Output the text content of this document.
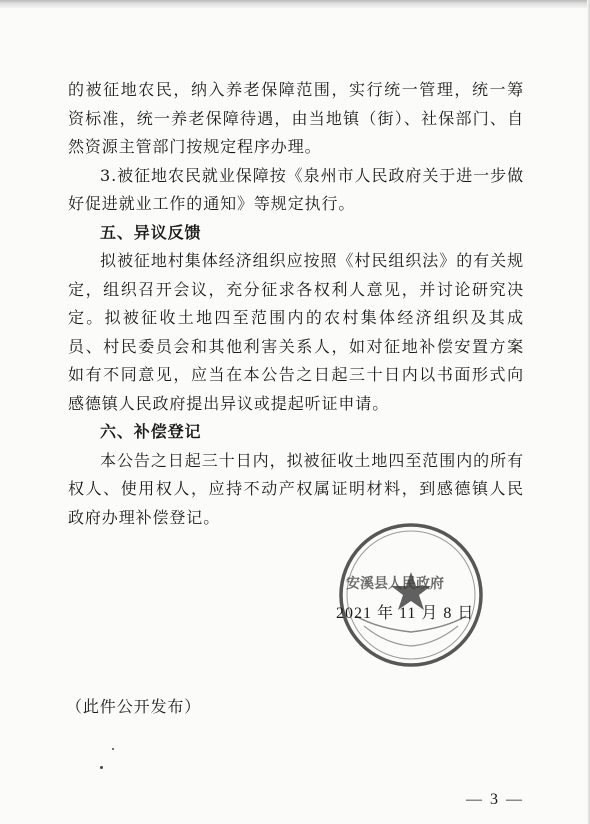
的被征地农民，纳入养老保障范围，实行统一管理，统一筹资标准，统一养老保障待遇，由当地镇（街）、社保部门、自然资源主管部门按规定程序办理。

3.被征地农民就业保障按《泉州市人民政府关于进一步做好促进就业工作的通知》等规定执行。

五、异议反馈

拟被征地村集体经济组织应按照《村民组织法》的有关规定，组织召开会议，充分征求各权利人意见，并讨论研究决定。拟被征收土地四至范围内的农村集体经济组织及其成员、村民委员会和其他利害关系人，如对征地补偿安置方案如有不同意见，应当在本公告之日起三十日内以书面形式向感德镇人民政府提出异议或提起听证申请。

六、补偿登记

本公告之日起三十日内，拟被征收土地四至范围内的所有权人、使用权人，应持不动产权属证明材料，到感德镇人民政府办理补偿登记。

安溪县人民政府
2021 年 11 月 8 日
（此件公开发布）
— 3 —
